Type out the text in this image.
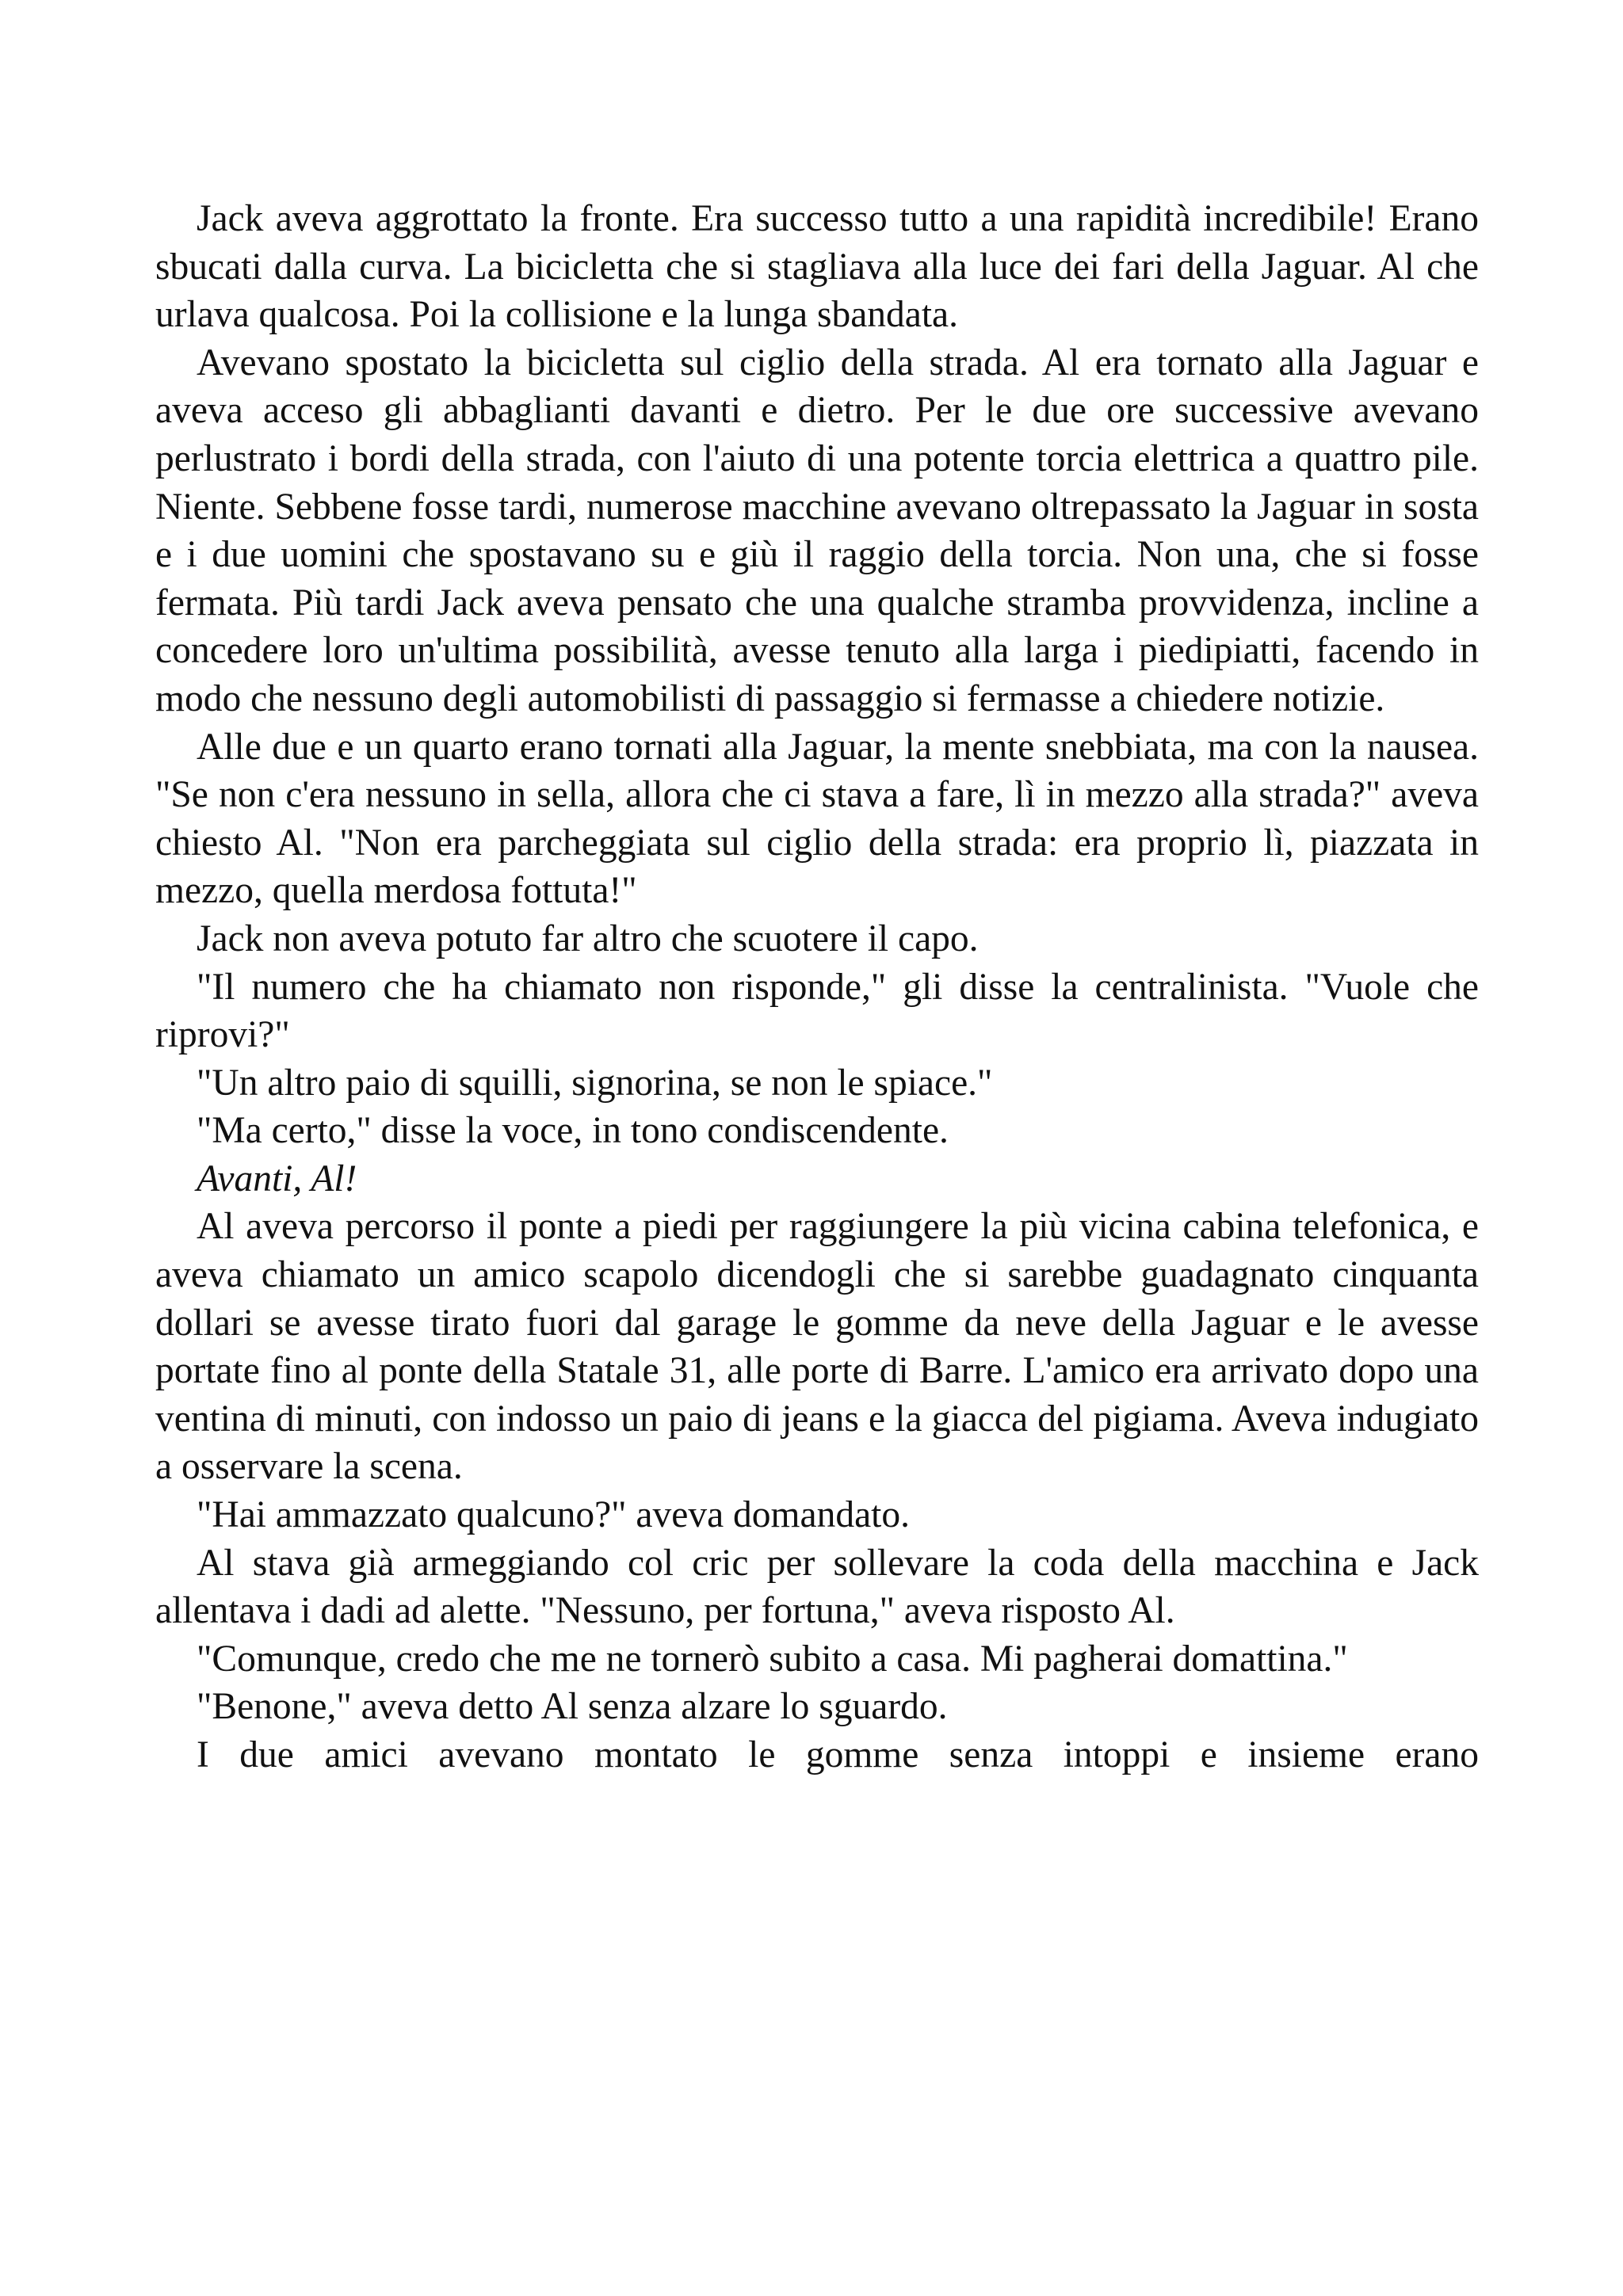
Jack aveva aggrottato la fronte. Era successo tutto a una rapidità incredibile! Erano sbucati dalla curva. La bicicletta che si stagliava alla luce dei fari della Jaguar. Al che urlava qualcosa. Poi la collisione e la lunga sbandata.

Avevano spostato la bicicletta sul ciglio della strada. Al era tornato alla Jaguar e aveva acceso gli abbaglianti davanti e dietro. Per le due ore successive avevano perlustrato i bordi della strada, con l'aiuto di una potente torcia elettrica a quattro pile. Niente. Sebbene fosse tardi, numerose macchine avevano oltrepassato la Jaguar in sosta e i due uomini che spostavano su e giù il raggio della torcia. Non una, che si fosse fermata. Più tardi Jack aveva pensato che una qualche stramba provvidenza, incline a concedere loro un'ultima possibilità, avesse tenuto alla larga i piedipiatti, facendo in modo che nessuno degli automobilisti di passaggio si fermasse a chiedere notizie.

Alle due e un quarto erano tornati alla Jaguar, la mente snebbiata, ma con la nausea. "Se non c'era nessuno in sella, allora che ci stava a fare, lì in mezzo alla strada?" aveva chiesto Al. "Non era parcheggiata sul ciglio della strada: era proprio lì, piazzata in mezzo, quella merdosa fottuta!"

Jack non aveva potuto far altro che scuotere il capo.

"Il numero che ha chiamato non risponde," gli disse la centralinista. "Vuole che riprovi?"

"Un altro paio di squilli, signorina, se non le spiace."

"Ma certo," disse la voce, in tono condiscendente.

Avanti, Al!

Al aveva percorso il ponte a piedi per raggiungere la più vicina cabina telefonica, e aveva chiamato un amico scapolo dicendogli che si sarebbe guadagnato cinquanta dollari se avesse tirato fuori dal garage le gomme da neve della Jaguar e le avesse portate fino al ponte della Statale 31, alle porte di Barre. L'amico era arrivato dopo una ventina di minuti, con indosso un paio di jeans e la giacca del pigiama. Aveva indugiato a osservare la scena.

"Hai ammazzato qualcuno?" aveva domandato.

Al stava già armeggiando col cric per sollevare la coda della macchina e Jack allentava i dadi ad alette. "Nessuno, per fortuna," aveva risposto Al.

"Comunque, credo che me ne tornerò subito a casa. Mi pagherai domattina."

"Benone," aveva detto Al senza alzare lo sguardo.

I due amici avevano montato le gomme senza intoppi e insieme erano
